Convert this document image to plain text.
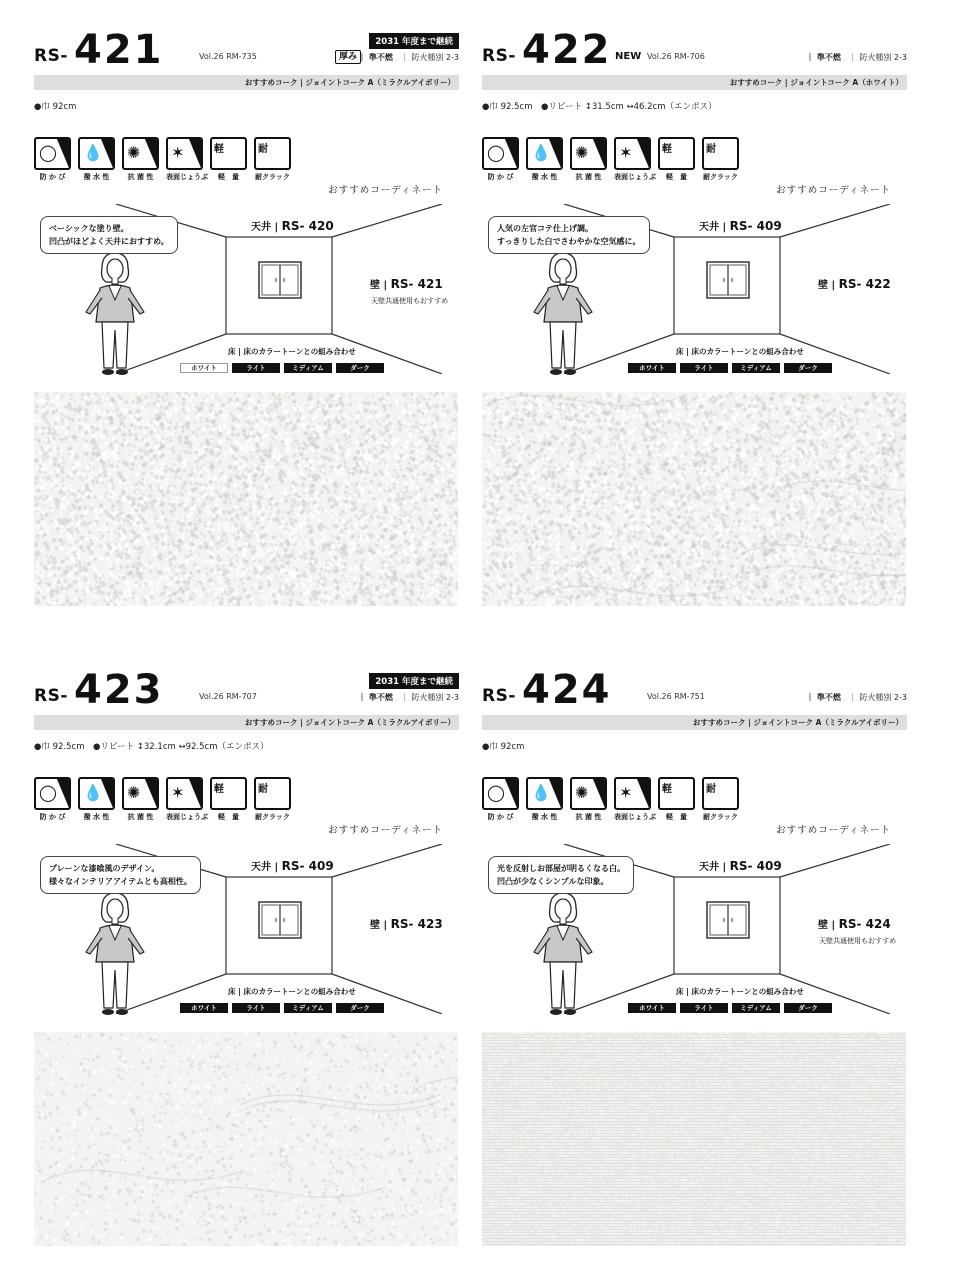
RS- 421	Vol.26 RM-735
2031 年度まで継続
厚み ｜ 準不燃　｜ 防火種別 2-3
おすすめコーク | ジョイントコーク A（ミラクルアイボリー）
●巾 92cm
◯
防 か び
💧
撥 水 性
✺
抗 菌 性
✶
表面じょうぶ
軽
軽　量
耐
耐クラック
おすすめコーディネート
ベーシックな塗り壁。
凹凸がほどよく天井におすすめ。
天井 | RS- 420
壁 | RS- 421
天壁共通使用もおすすめ
床 | 床のカラートーンとの組み合わせ
ホワイト	ライト	ミディアム	ダーク
RS- 422 NEW Vol.26 RM-706	｜ 準不燃　｜ 防火種別 2-3
おすすめコーク | ジョイントコーク A（ホワイト）
●巾 92.5cm　●リピート ↕31.5cm ↔46.2cm（エンボス）
◯
防 か び
💧
撥 水 性
✺
抗 菌 性
✶
表面じょうぶ
軽
軽　量
耐
耐クラック
おすすめコーディネート
人気の左官コテ仕上げ調。
すっきりした白でさわやかな空気感に。
天井 | RS- 409
壁 | RS- 422
床 | 床のカラートーンとの組み合わせ
ホワイト	ライト	ミディアム	ダーク
RS- 423	Vol.26 RM-707
2031 年度まで継続
｜ 準不燃　｜ 防火種別 2-3
おすすめコーク | ジョイントコーク A（ミラクルアイボリー）
●巾 92.5cm　●リピート ↕32.1cm ↔92.5cm（エンボス）
◯
防 か び
💧
撥 水 性
✺
抗 菌 性
✶
表面じょうぶ
軽
軽　量
耐
耐クラック
おすすめコーディネート
プレーンな漆喰風のデザイン。
様々なインテリアアイテムとも高相性。
天井 | RS- 409
壁 | RS- 423
床 | 床のカラートーンとの組み合わせ
ホワイト	ライト	ミディアム	ダーク
RS- 424	Vol.26 RM-751	｜ 準不燃　｜ 防火種別 2-3
おすすめコーク | ジョイントコーク A（ミラクルアイボリー）
●巾 92cm
◯
防 か び
💧
撥 水 性
✺
抗 菌 性
✶
表面じょうぶ
軽
軽　量
耐
耐クラック
おすすめコーディネート
光を反射しお部屋が明るくなる白。
凹凸が少なくシンプルな印象。
天井 | RS- 409
壁 | RS- 424
天壁共通使用もおすすめ
床 | 床のカラートーンとの組み合わせ
ホワイト	ライト	ミディアム	ダーク
